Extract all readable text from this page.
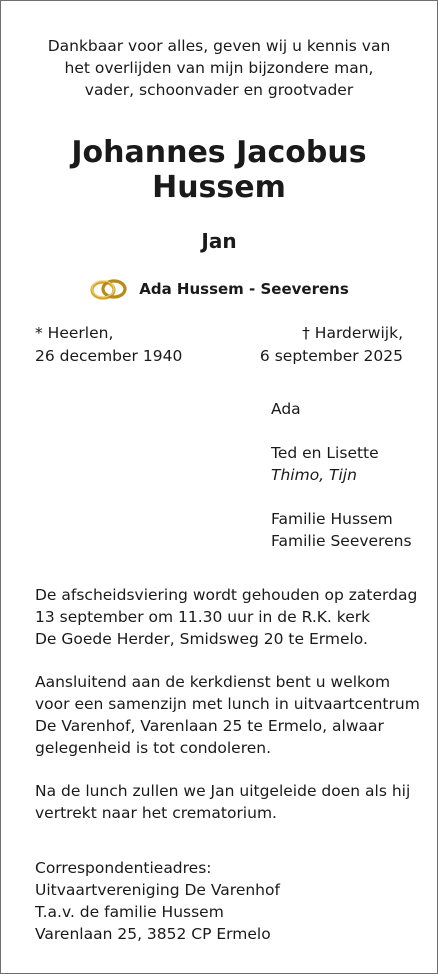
Dankbaar voor alles, geven wij u kennis van
het overlijden van mijn bijzondere man,
vader, schoonvader en grootvader
Johannes Jacobus
Hussem
Jan
Ada Hussem - Seeverens
* Heerlen,
26 december 1940
† Harderwijk,
6 september 2025
Ada
Ted en Lisette
Thimo, Tijn
Familie Hussem
Familie Seeverens
De afscheidsviering wordt gehouden op zaterdag
13 september om 11.30 uur in de R.K. kerk
De Goede Herder, Smidsweg 20 te Ermelo.
Aansluitend aan de kerkdienst bent u welkom
voor een samenzijn met lunch in uitvaartcentrum
De Varenhof, Varenlaan 25 te Ermelo, alwaar
gelegenheid is tot condoleren.
Na de lunch zullen we Jan uitgeleide doen als hij
vertrekt naar het crematorium.
Correspondentieadres:
Uitvaartvereniging De Varenhof
T.a.v. de familie Hussem
Varenlaan 25, 3852 CP Ermelo
